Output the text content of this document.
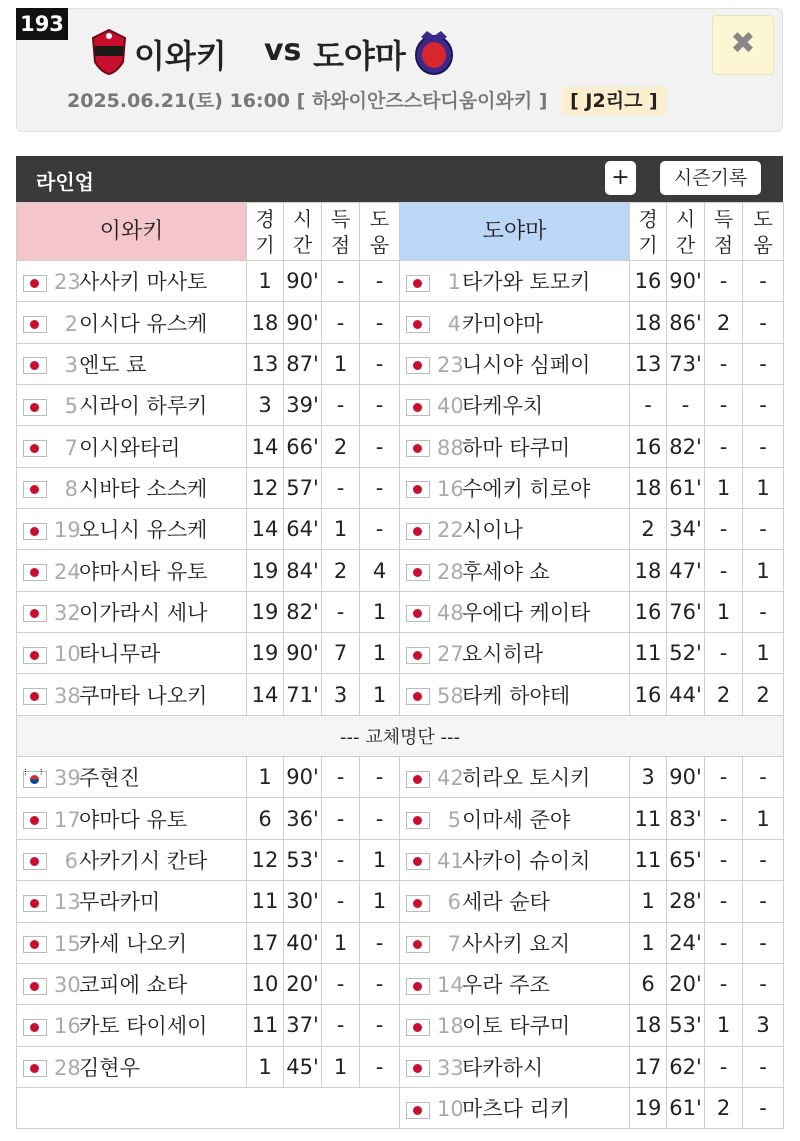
193
이와키 vs 도야마
2025.06.21(토) 16:00 [ 하와이안즈스타디움이와키 ] [ J2리그 ]
✖
라인업	+	시즌기록
이와키	경기	시간	득점	도움	도야마	경기	시간	득점	도움
23사사키 마사토	1	90'	-	-	1타가와 토모키	16	90'	-	-
2이시다 유스케	18	90'	-	-	4카미야마	18	86'	2	-
3엔도 료	13	87'	1	-	23니시야 심페이	13	73'	-	-
5시라이 하루키	3	39'	-	-	40타케우치	-	-	-	-
7이시와타리	14	66'	2	-	88하마 타쿠미	16	82'	-	-
8시바타 소스케	12	57'	-	-	16수에키 히로야	18	61'	1	1
19오니시 유스케	14	64'	1	-	22시이나	2	34'	-	-
24야마시타 유토	19	84'	2	4	28후세야 쇼	18	47'	-	1
32이가라시 세나	19	82'	-	1	48우에다 케이타	16	76'	1	-
10타니무라	19	90'	7	1	27요시히라	11	52'	-	1
38쿠마타 나오키	14	71'	3	1	58타케 하야테	16	44'	2	2
--- 교체명단 ---									
⁝ ⁝39주현진	1	90'	-	-	42히라오 토시키	3	90'	-	-
17야마다 유토	6	36'	-	-	5이마세 준야	11	83'	-	1
6사카기시 칸타	12	53'	-	1	41사카이 슈이치	11	65'	-	-
13무라카미	11	30'	-	1	6세라 슌타	1	28'	-	-
15카세 나오키	17	40'	1	-	7사사키 요지	1	24'	-	-
30코피에 쇼타	10	20'	-	-	14우라 주조	6	20'	-	-
16카토 타이세이	11	37'	-	-	18이토 타쿠미	18	53'	1	3
28김현우	1	45'	1	-	33타카하시	17	62'	-	-
					10마츠다 리키	19	61'	2	-
